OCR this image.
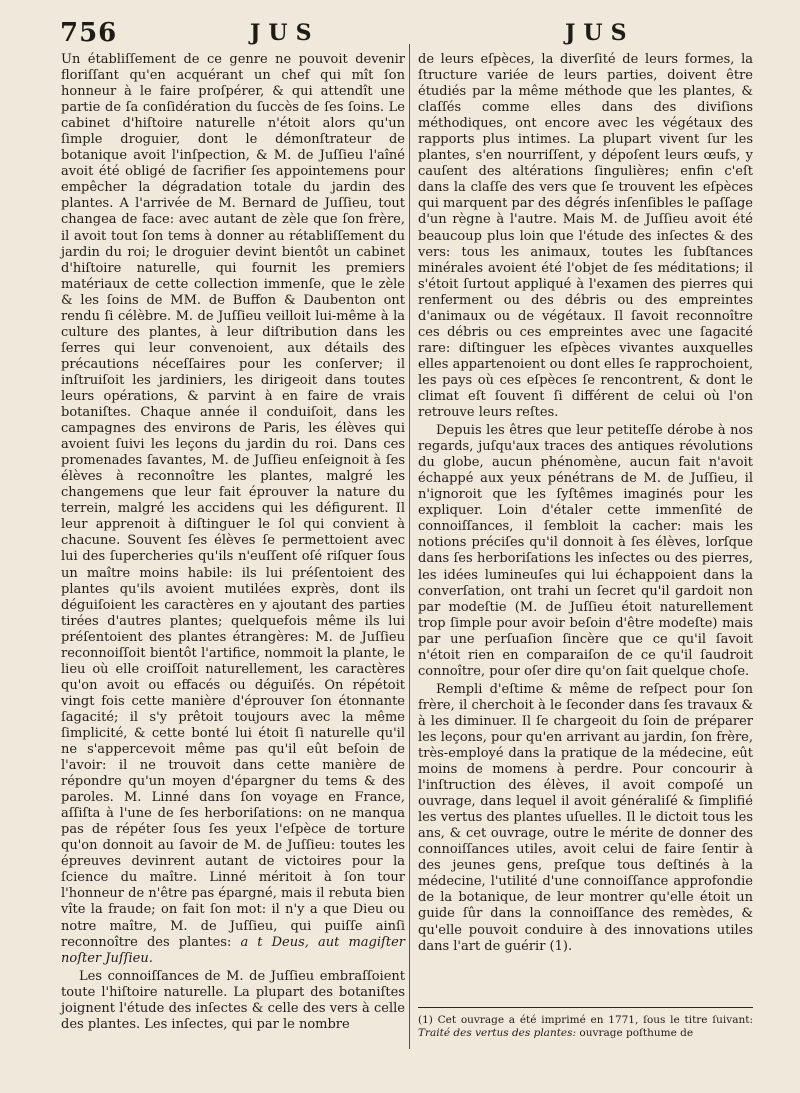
756	JUS	JUS

Un établiſſement de ce genre ne pouvoit devenir floriſſant qu'en acquérant un chef qui mît ſon honneur à le faire proſpérer, & qui attendît une partie de ſa conſidération du ſuccès de ſes ſoins. Le cabinet d'hiſtoire naturelle n'étoit alors qu'un ſimple droguier, dont le démonſtrateur de botanique avoit l'inſpection, & M. de Juſſieu l'aîné avoit été obligé de ſacrifier ſes appointemens pour empêcher la dégradation totale du jardin des plantes. A l'arrivée de M. Bernard de Juſſieu, tout changea de face: avec autant de zèle que ſon frère, il avoit tout ſon tems à donner au rétabliſſement du jardin du roi; le droguier devint bientôt un cabinet d'hiſtoire naturelle, qui fournit les premiers matériaux de cette collection immenſe, que le zèle & les ſoins de MM. de Buffon & Daubenton ont rendu ſi célèbre. M. de Juſſieu veilloit lui-même à la culture des plantes, à leur diſtribution dans les ſerres qui leur convenoient, aux détails des précautions néceſſaires pour les conſerver; il inſtruiſoit les jardiniers, les dirigeoit dans toutes leurs opérations, & parvint à en faire de vrais botaniſtes. Chaque année il conduiſoit, dans les campagnes des environs de Paris, les élèves qui avoient ſuivi les leçons du jardin du roi. Dans ces promenades ſavantes, M. de Juſſieu enſeignoit à ſes élèves à reconnoître les plantes, malgré les changemens que leur fait éprouver la nature du terrein, malgré les accidens qui les défigurent. Il leur apprenoit à diſtinguer le ſol qui convient à chacune. Souvent ſes élèves ſe permettoient avec lui des ſupercheries qu'ils n'euſſent oſé riſquer ſous un maître moins habile: ils lui préſentoient des plantes qu'ils avoient mutilées exprès, dont ils déguiſoient les caractères en y ajoutant des parties tirées d'autres plantes; quelquefois même ils lui préſentoient des plantes étrangères: M. de Juſſieu reconnoiſſoit bientôt l'artifice, nommoit la plante, le lieu où elle croiſſoit naturellement, les caractères qu'on avoit ou effacés ou déguiſés. On répétoit vingt fois cette manière d'éprouver ſon étonnante ſagacité; il s'y prêtoit toujours avec la même ſimplicité, & cette bonté lui étoit ſi naturelle qu'il ne s'appercevoit même pas qu'il eût beſoin de l'avoir: il ne trouvoit dans cette manière de répondre qu'un moyen d'épargner du tems & des paroles. M. Linné dans ſon voyage en France, aſſiſta à l'une de ſes herboriſations: on ne manqua pas de répéter ſous ſes yeux l'eſpèce de torture qu'on donnoit au ſavoir de M. de Juſſieu: toutes les épreuves devinrent autant de victoires pour la ſcience du maître. Linné méritoit à ſon tour l'honneur de n'être pas épargné, mais il rebuta bien vîte la fraude; on fait ſon mot: il n'y a que Dieu ou notre maître, M. de Juſſieu, qui puiſſe ainſi reconnoître des plantes: a t Deus, aut magiſter noſter Juſſieu.

Les connoiſſances de M. de Juſſieu embraſſoient toute l'hiſtoire naturelle. La plupart des botaniſtes joignent l'étude des inſectes & celle des vers à celle des plantes. Les inſectes, qui par le nombre

de leurs eſpèces, la diverſité de leurs formes, la ſtructure variée de leurs parties, doivent être étudiés par la même méthode que les plantes, & claſſés comme elles dans des diviſions méthodiques, ont encore avec les végétaux des rapports plus intimes. La plupart vivent ſur les plantes, s'en nourriſſent, y dépoſent leurs œufs, y cauſent des altérations ſingulières; enfin c'eſt dans la claſſe des vers que ſe trouvent les eſpèces qui marquent par des dégrés inſenſibles le paſſage d'un règne à l'autre. Mais M. de Juſſieu avoit été beaucoup plus loin que l'étude des inſectes & des vers: tous les animaux, toutes les ſubſtances minérales avoient été l'objet de ſes méditations; il s'étoit ſurtout appliqué à l'examen des pierres qui renferment ou des débris ou des empreintes d'animaux ou de végétaux. Il ſavoit reconnoître ces débris ou ces empreintes avec une ſagacité rare: diſtinguer les eſpèces vivantes auxquelles elles appartenoient ou dont elles ſe rapprochoient, les pays où ces eſpèces ſe rencontrent, & dont le climat eſt ſouvent ſi différent de celui où l'on retrouve leurs reſtes.

Depuis les êtres que leur petiteſſe dérobe à nos regards, juſqu'aux traces des antiques révolutions du globe, aucun phénomène, aucun fait n'avoit échappé aux yeux pénétrans de M. de Juſſieu, il n'ignoroit que les ſyſtêmes imaginés pour les expliquer. Loin d'étaler cette immenſité de connoiſſances, il ſembloit la cacher: mais les notions préciſes qu'il donnoit à ſes élèves, lorſque dans ſes herboriſations les inſectes ou des pierres, les idées lumineuſes qui lui échappoient dans la converſation, ont trahi un ſecret qu'il gardoit non par modeſtie (M. de Juſſieu étoit naturellement trop ſimple pour avoir beſoin d'être modeſte) mais par une perſuaſion ſincère que ce qu'il ſavoit n'étoit rien en comparaiſon de ce qu'il ſaudroit connoître, pour oſer dire qu'on ſait quelque choſe.

Rempli d'eſtime & même de reſpect pour ſon frère, il cherchoit à le ſeconder dans ſes travaux & à les diminuer. Il ſe chargeoit du ſoin de préparer les leçons, pour qu'en arrivant au jardin, ſon frère, très-employé dans la pratique de la médecine, eût moins de momens à perdre. Pour concourir à l'inſtruction des élèves, il avoit compoſé un ouvrage, dans lequel il avoit généraliſé & ſimplifié les vertus des plantes uſuelles. Il le dictoit tous les ans, & cet ouvrage, outre le mérite de donner des connoiſſances utiles, avoit celui de faire ſentir à des jeunes gens, preſque tous deſtinés à la médecine, l'utilité d'une connoiſſance approfondie de la botanique, de leur montrer qu'elle étoit un guide ſûr dans la connoiſſance des remèdes, & qu'elle pouvoit conduire à des innovations utiles dans l'art de guérir (1).

(1) Cet ouvrage a été imprimé en 1771, ſous le titre ſuivant: Traité des vertus des plantes: ouvrage poſthume de
